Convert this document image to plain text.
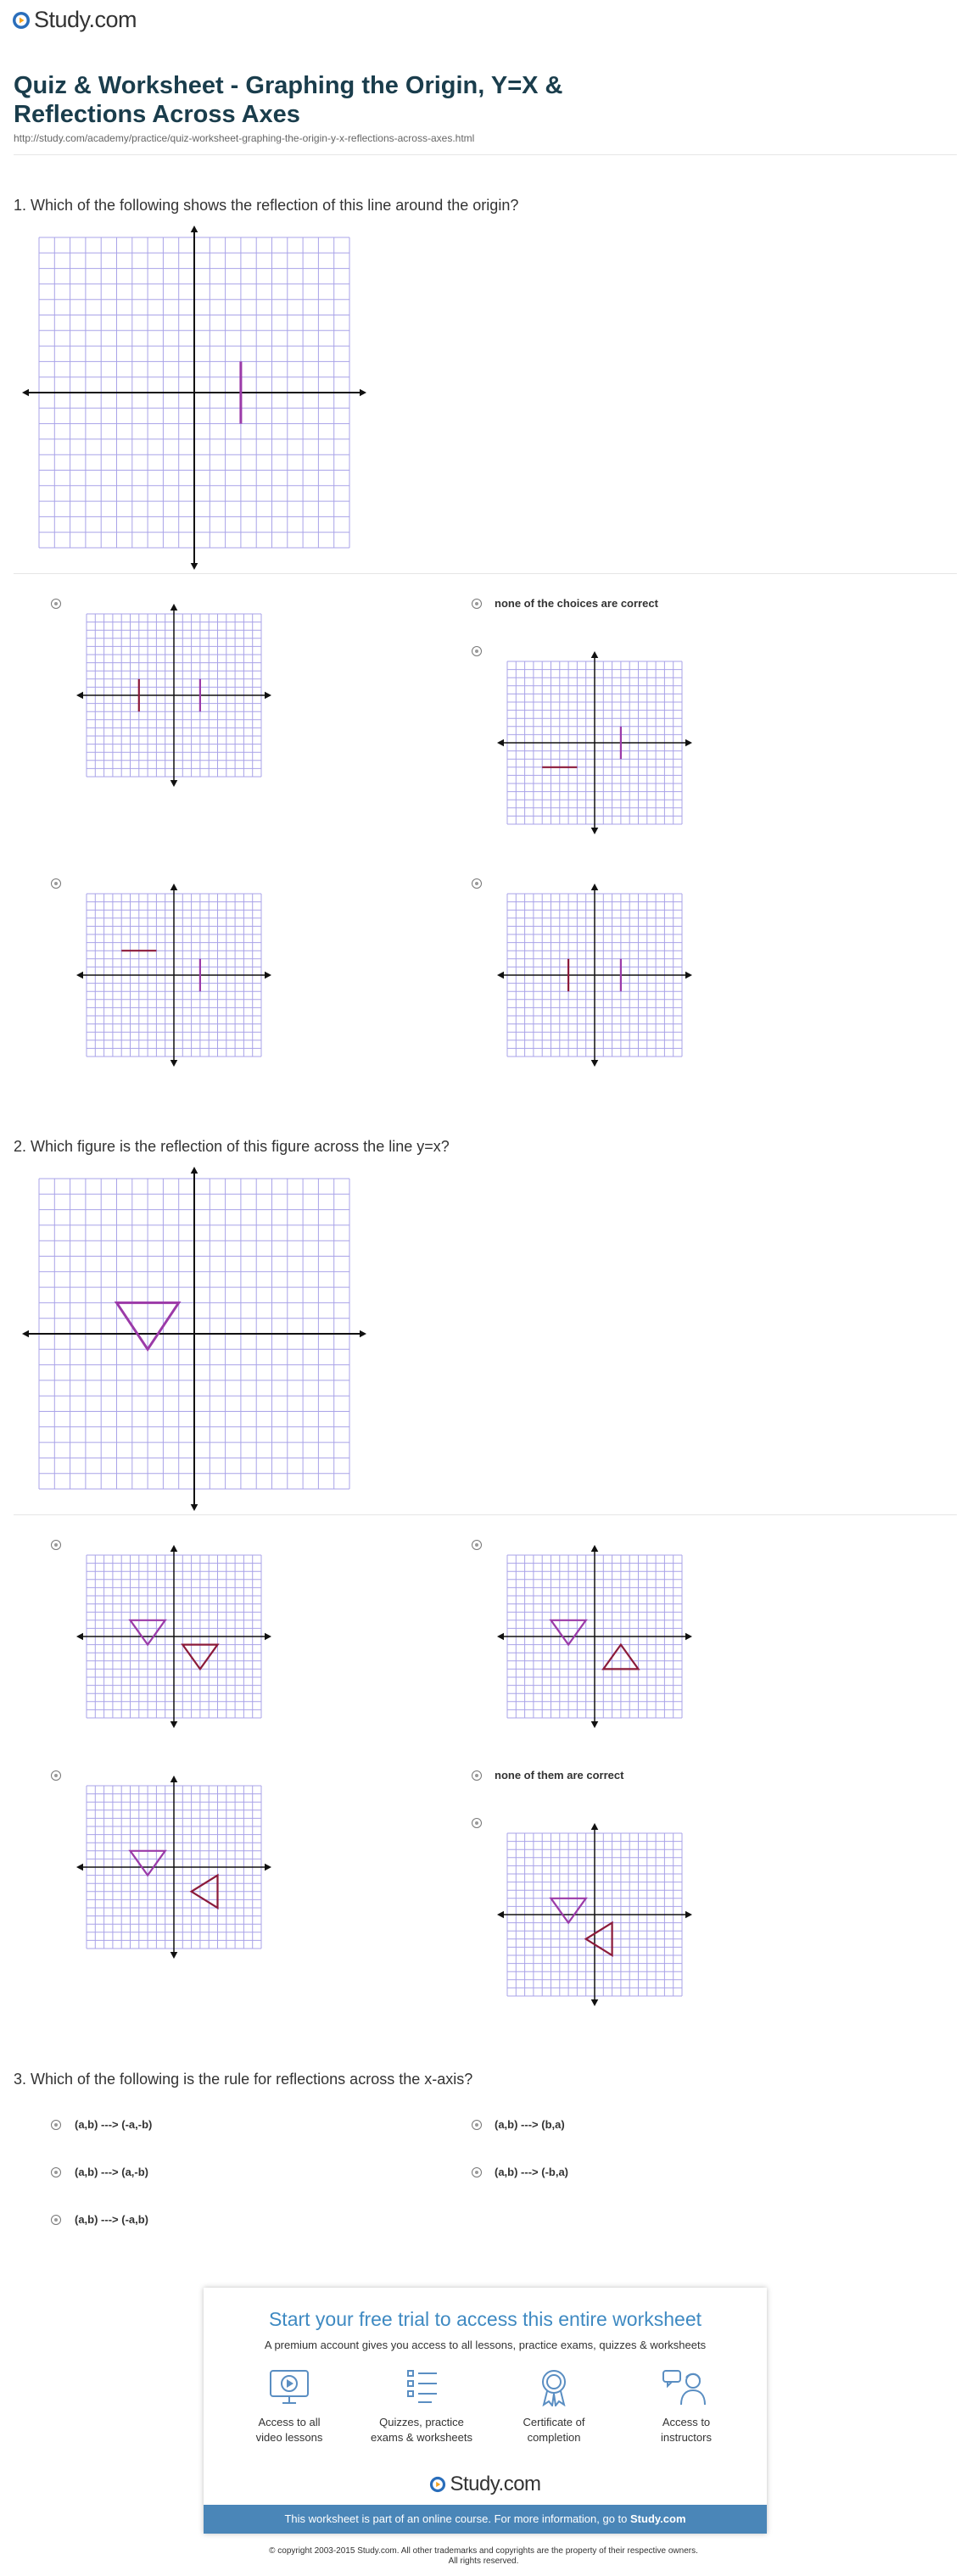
Study.com
Quiz & Worksheet - Graphing the Origin, Y=X & Reflections Across Axes
http://study.com/academy/practice/quiz-worksheet-graphing-the-origin-y-x-reflections-across-axes.html
1. Which of the following shows the reflection of this line around the origin?
none of the choices are correct
2. Which figure is the reflection of this figure across the line y=x?
none of them are correct
3. Which of the following is the rule for reflections across the x-axis?
(a,b) ---> (-a,-b)	(a,b) ---> (b,a)
(a,b) ---> (a,-b)	(a,b) ---> (-b,a)
(a,b) ---> (-a,b)
Start your free trial to access this entire worksheet
A premium account gives you access to all lessons, practice exams, quizzes & worksheets
Access to all
video lessons
Quizzes, practice
exams & worksheets
Certificate of
completion
Access to
instructors
Study.com
This worksheet is part of an online course. For more information, go to Study.com
© copyright 2003-2015 Study.com. All other trademarks and copyrights are the property of their respective owners.
All rights reserved.
